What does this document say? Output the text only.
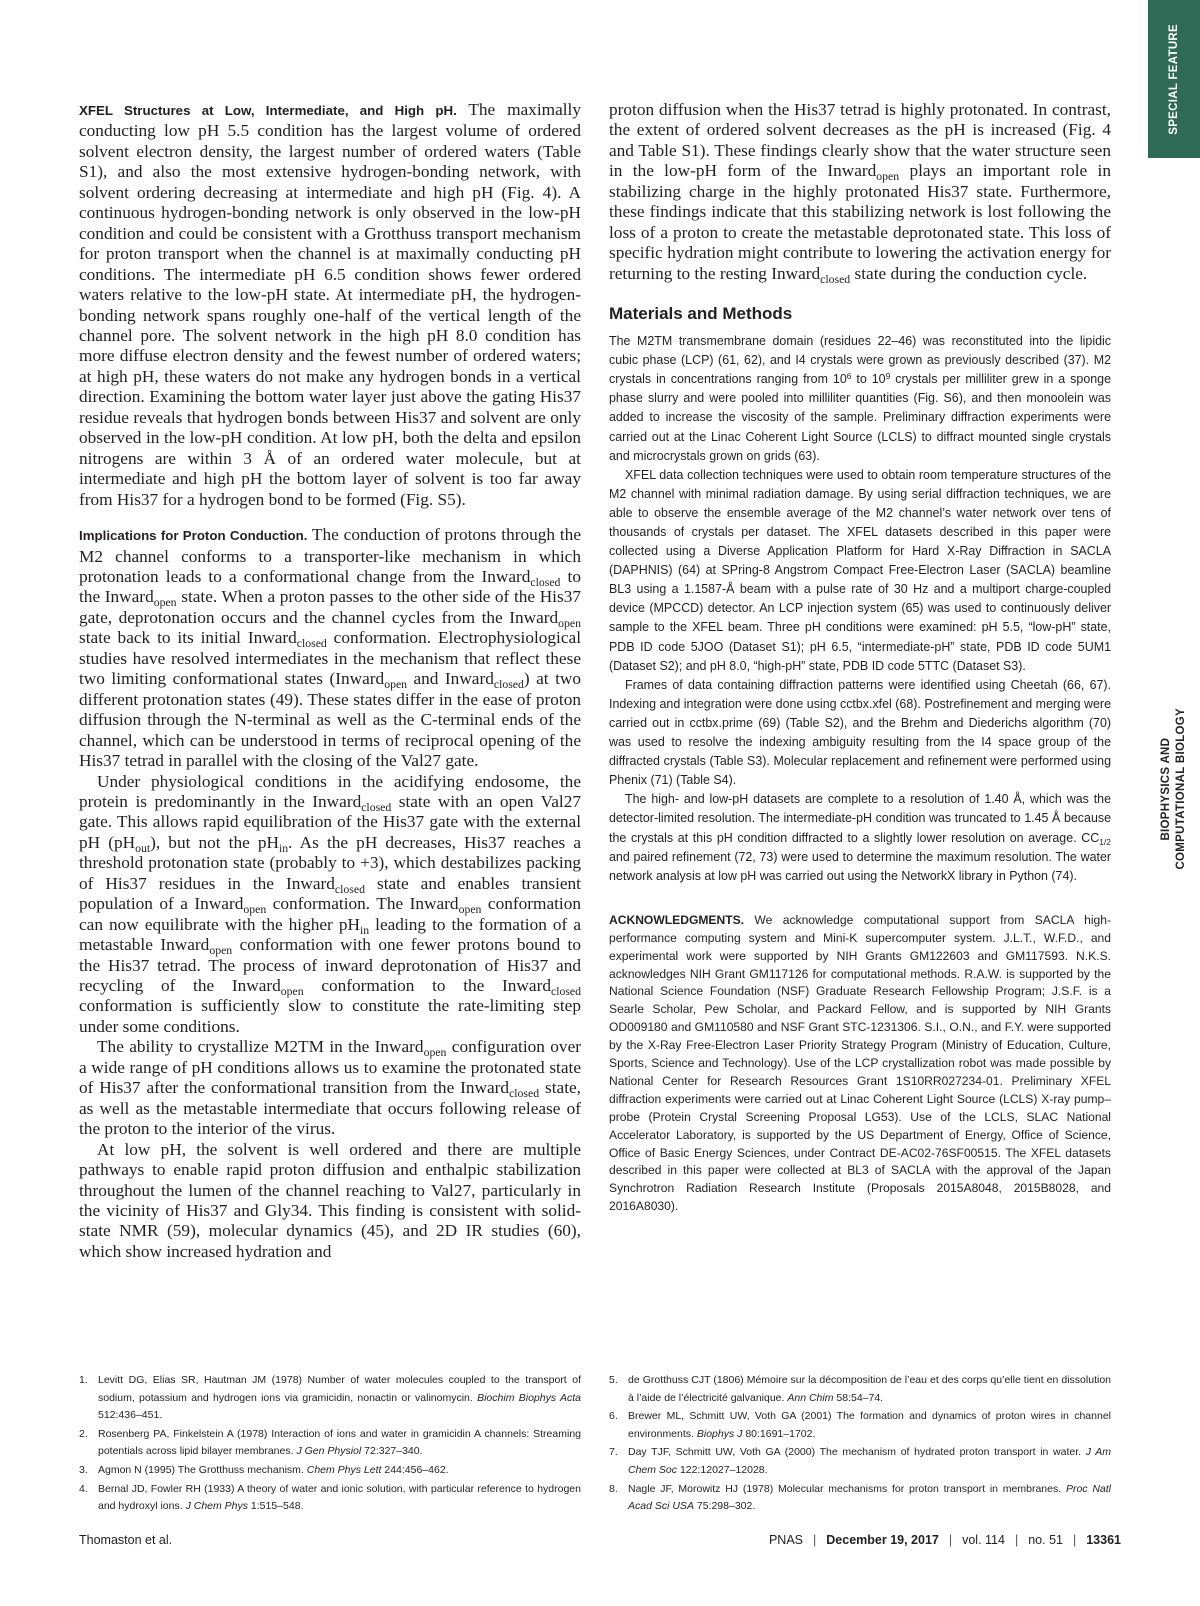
SPECIAL FEATURE
BIOPHYSICS AND COMPUTATIONAL BIOLOGY

XFEL Structures at Low, Intermediate, and High pH. The maximally conducting low pH 5.5 condition has the largest volume of ordered solvent electron density, the largest number of ordered waters (Table S1), and also the most extensive hydrogen-bonding network, with solvent ordering decreasing at intermediate and high pH (Fig. 4). A continuous hydrogen-bonding network is only observed in the low-pH condition and could be consistent with a Grotthuss transport mechanism for proton transport when the channel is at maximally conducting pH conditions. The intermediate pH 6.5 condition shows fewer ordered waters relative to the low-pH state. At intermediate pH, the hydrogen-bonding network spans roughly one-half of the vertical length of the channel pore. The solvent network in the high pH 8.0 condition has more diffuse electron density and the fewest number of ordered waters; at high pH, these waters do not make any hydrogen bonds in a vertical direction. Examining the bottom water layer just above the gating His37 residue reveals that hydrogen bonds between His37 and solvent are only observed in the low-pH condition. At low pH, both the delta and epsilon nitrogens are within 3 Å of an ordered water molecule, but at intermediate and high pH the bottom layer of solvent is too far away from His37 for a hydrogen bond to be formed (Fig. S5).

Implications for Proton Conduction. The conduction of protons through the M2 channel conforms to a transporter-like mechanism in which protonation leads to a conformational change from the Inward$_{closed}$ to the Inward$_{open}$ state. When a proton passes to the other side of the His37 gate, deprotonation occurs and the channel cycles from the Inward$_{open}$ state back to its initial Inward$_{closed}$ conformation. Electrophysiological studies have resolved intermediates in the mechanism that reflect these two limiting conformational states (Inward$_{open}$ and Inward$_{closed}$) at two different protonation states (49). These states differ in the ease of proton diffusion through the N-terminal as well as the C-terminal ends of the channel, which can be understood in terms of reciprocal opening of the His37 tetrad in parallel with the closing of the Val27 gate.

Under physiological conditions in the acidifying endosome, the protein is predominantly in the Inward$_{closed}$ state with an open Val27 gate. This allows rapid equilibration of the His37 gate with the external pH $(pH_{out})$, but not the $pH_{in}$. As the pH decreases, His37 reaches a threshold protonation state (probably to +3), which destabilizes packing of His37 residues in the Inward$_{closed}$ state and enables transient population of a Inward$_{open}$ conformation. The Inward$_{open}$ conformation can now equilibrate with the higher $pH_{in}$ leading to the formation of a metastable Inward$_{open}$ conformation with one fewer protons bound to the His37 tetrad. The process of inward deprotonation of His37 and recycling of the Inward$_{open}$ conformation to the Inward$_{closed}$ conformation is sufficiently slow to constitute the rate-limiting step under some conditions.

The ability to crystallize M2TM in the Inward$_{open}$ configuration over a wide range of pH conditions allows us to examine the protonated state of His37 after the conformational transition from the Inward$_{closed}$ state, as well as the metastable intermediate that occurs following release of the proton to the interior of the virus.

At low pH, the solvent is well ordered and there are multiple pathways to enable rapid proton diffusion and enthalpic stabilization throughout the lumen of the channel reaching to Val27, particularly in the vicinity of His37 and Gly34. This finding is consistent with solid-state NMR (59), molecular dynamics (45), and 2D IR studies (60), which show increased hydration and

proton diffusion when the His37 tetrad is highly protonated. In contrast, the extent of ordered solvent decreases as the pH is increased (Fig. 4 and Table S1). These findings clearly show that the water structure seen in the low-pH form of the Inward$_{open}$ plays an important role in stabilizing charge in the highly protonated His37 state. Furthermore, these findings indicate that this stabilizing network is lost following the loss of a proton to create the metastable deprotonated state. This loss of specific hydration might contribute to lowering the activation energy for returning to the resting Inward$_{closed}$ state during the conduction cycle.

Materials and Methods

The M2TM transmembrane domain (residues 22–46) was reconstituted into the lipidic cubic phase (LCP) (61, 62), and I4 crystals were grown as previously described (37). M2 crystals in concentrations ranging from $10^6$ to $10^9$ crystals per milliliter grew in a sponge phase slurry and were pooled into milliliter quantities (Fig. S6), and then monoolein was added to increase the viscosity of the sample. Preliminary diffraction experiments were carried out at the Linac Coherent Light Source (LCLS) to diffract mounted single crystals and microcrystals grown on grids (63).

XFEL data collection techniques were used to obtain room temperature structures of the M2 channel with minimal radiation damage. By using serial diffraction techniques, we are able to observe the ensemble average of the M2 channel’s water network over tens of thousands of crystals per dataset. The XFEL datasets described in this paper were collected using a Diverse Application Platform for Hard X-Ray Diffraction in SACLA (DAPHNIS) (64) at SPring-8 Angstrom Compact Free-Electron Laser (SACLA) beamline BL3 using a 1.1587-Å beam with a pulse rate of 30 Hz and a multiport charge-coupled device (MPCCD) detector. An LCP injection system (65) was used to continuously deliver sample to the XFEL beam. Three pH conditions were examined: pH 5.5, “low-pH” state, PDB ID code 5JOO (Dataset S1); pH 6.5, “intermediate-pH” state, PDB ID code 5UM1 (Dataset S2); and pH 8.0, “high-pH” state, PDB ID code 5TTC (Dataset S3).

Frames of data containing diffraction patterns were identified using Cheetah (66, 67). Indexing and integration were done using cctbx.xfel (68). Postrefinement and merging were carried out in cctbx.prime (69) (Table S2), and the Brehm and Diederichs algorithm (70) was used to resolve the indexing ambiguity resulting from the I4 space group of the diffracted crystals (Table S3). Molecular replacement and refinement were performed using Phenix (71) (Table S4).

The high- and low-pH datasets are complete to a resolution of 1.40 Å, which was the detector-limited resolution. The intermediate-pH condition was truncated to 1.45 Å because the crystals at this pH condition diffracted to a slightly lower resolution on average. $CC_{1/2}$ and paired refinement (72, 73) were used to determine the maximum resolution. The water network analysis at low pH was carried out using the NetworkX library in Python (74).

ACKNOWLEDGMENTS. We acknowledge computational support from SACLA high-performance computing system and Mini-K supercomputer system. J.L.T., W.F.D., and experimental work were supported by NIH Grants GM122603 and GM117593. N.K.S. acknowledges NIH Grant GM117126 for computational methods. R.A.W. is supported by the National Science Foundation (NSF) Graduate Research Fellowship Program; J.S.F. is a Searle Scholar, Pew Scholar, and Packard Fellow, and is supported by NIH Grants OD009180 and GM110580 and NSF Grant STC-1231306. S.I., O.N., and F.Y. were supported by the X-Ray Free-Electron Laser Priority Strategy Program (Ministry of Education, Culture, Sports, Science and Technology). Use of the LCP crystallization robot was made possible by National Center for Research Resources Grant 1S10RR027234-01. Preliminary XFEL diffraction experiments were carried out at Linac Coherent Light Source (LCLS) X-ray pump–probe (Protein Crystal Screening Proposal LG53). Use of the LCLS, SLAC National Accelerator Laboratory, is supported by the US Department of Energy, Office of Science, Office of Basic Energy Sciences, under Contract DE-AC02-76SF00515. The XFEL datasets described in this paper were collected at BL3 of SACLA with the approval of the Japan Synchrotron Radiation Research Institute (Proposals 2015A8048, 2015B8028, and 2016A8030).

1. Levitt DG, Elias SR, Hautman JM (1978) Number of water molecules coupled to the transport of sodium, potassium and hydrogen ions via gramicidin, nonactin or valinomycin. Biochim Biophys Acta 512:436–451.

2. Rosenberg PA, Finkelstein A (1978) Interaction of ions and water in gramicidin A channels: Streaming potentials across lipid bilayer membranes. J Gen Physiol 72:327–340.

3. Agmon N (1995) The Grotthuss mechanism. Chem Phys Lett 244:456–462.

4. Bernal JD, Fowler RH (1933) A theory of water and ionic solution, with particular reference to hydrogen and hydroxyl ions. J Chem Phys 1:515–548.

5. de Grotthuss CJT (1806) Mémoire sur la décomposition de l’eau et des corps qu’elle tient en dissolution à l’aide de l’électricité galvanique. Ann Chim 58:54–74.

6. Brewer ML, Schmitt UW, Voth GA (2001) The formation and dynamics of proton wires in channel environments. Biophys J 80:1691–1702.

7. Day TJF, Schmitt UW, Voth GA (2000) The mechanism of hydrated proton transport in water. J Am Chem Soc 122:12027–12028.

8. Nagle JF, Morowitz HJ (1978) Molecular mechanisms for proton transport in membranes. Proc Natl Acad Sci USA 75:298–302.

Thomaston et al.	PNAS | December 19, 2017 | vol. 114 | no. 51 | 13361
